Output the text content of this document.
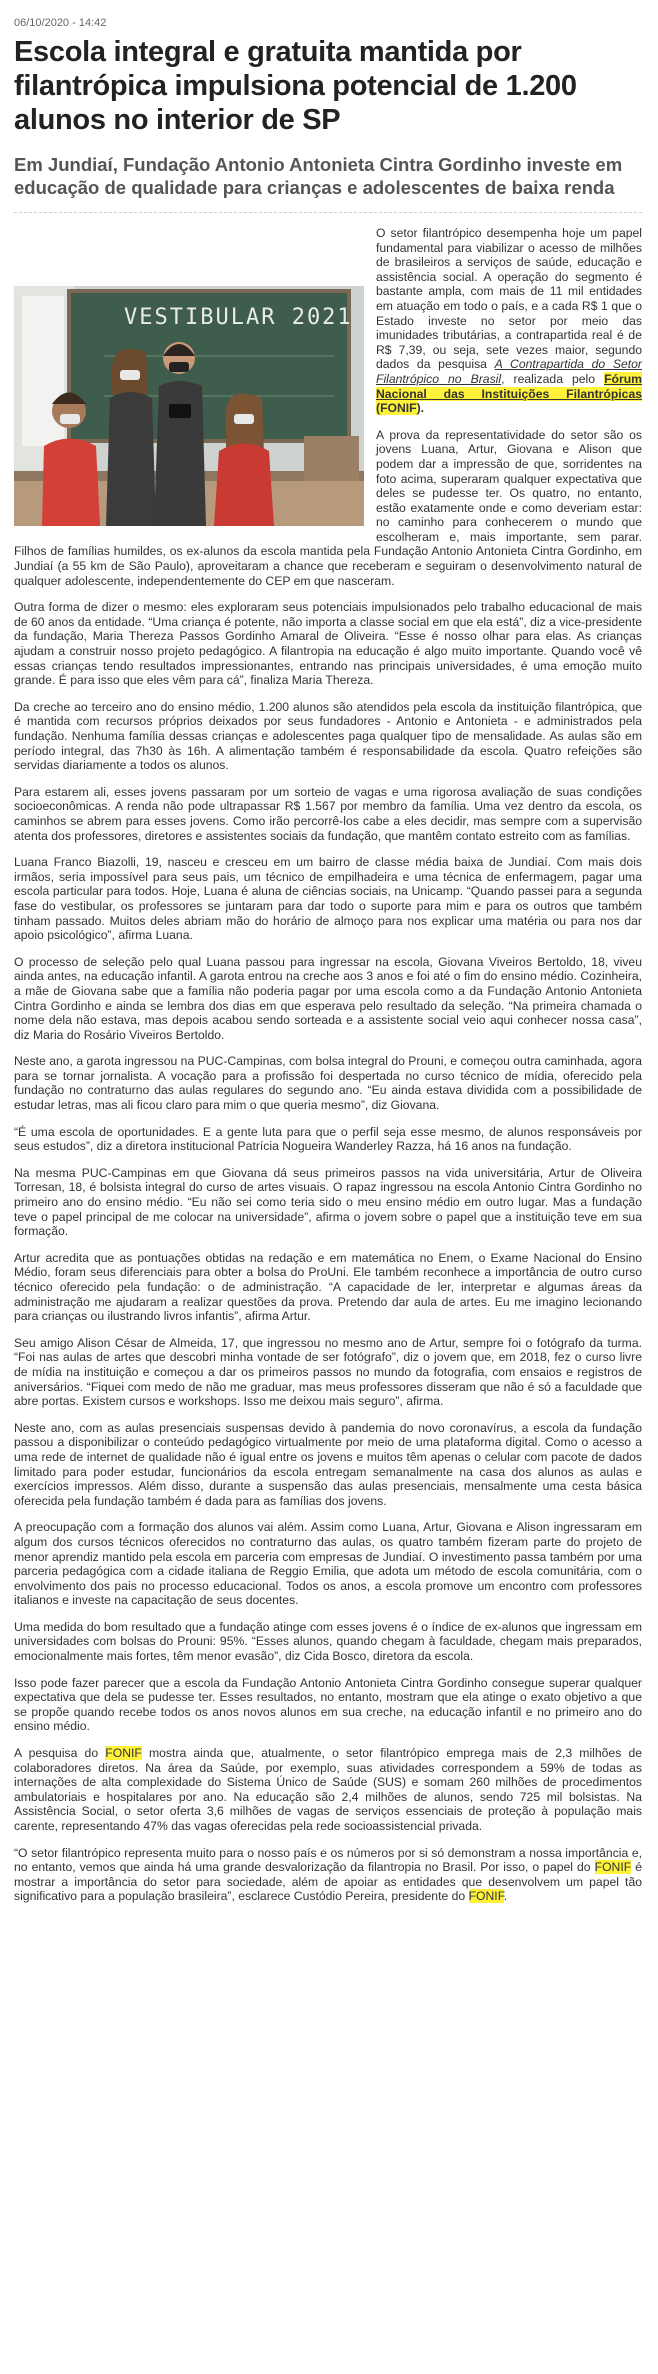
06/10/2020 - 14:42
Escola integral e gratuita mantida por filantrópica impulsiona potencial de 1.200 alunos no interior de SP
Em Jundiaí, Fundação Antonio Antonieta Cintra Gordinho investe em educação de qualidade para crianças e adolescentes de baixa renda
VESTIBULAR 2021

O setor filantrópico desempenha hoje um papel fundamental para viabilizar o acesso de milhões de brasileiros a serviços de saúde, educação e assistência social. A operação do segmento é bastante ampla, com mais de 11 mil entidades em atuação em todo o país, e a cada R$ 1 que o Estado investe no setor por meio das imunidades tributárias, a contrapartida real é de R$ 7,39, ou seja, sete vezes maior, segundo dados da pesquisa A Contrapartida do Setor Filantrópico no Brasil, realizada pelo Fórum Nacional das Instituições Filantrópicas (FONIF).

A prova da representatividade do setor são os jovens Luana, Artur, Giovana e Alison que podem dar a impressão de que, sorridentes na foto acima, superaram qualquer expectativa que deles se pudesse ter. Os quatro, no entanto, estão exatamente onde e como deveriam estar: no caminho para conhecerem o mundo que escolheram e, mais importante, sem parar. Filhos de famílias humildes, os ex-alunos da escola mantida pela Fundação Antonio Antonieta Cintra Gordinho, em Jundiaí (a 55 km de São Paulo), aproveitaram a chance que receberam e seguiram o desenvolvimento natural de qualquer adolescente, independentemente do CEP em que nasceram.

Outra forma de dizer o mesmo: eles exploraram seus potenciais impulsionados pelo trabalho educacional de mais de 60 anos da entidade. “Uma criança é potente, não importa a classe social em que ela está”, diz a vice-presidente da fundação, Maria Thereza Passos Gordinho Amaral de Oliveira. “Esse é nosso olhar para elas. As crianças ajudam a construir nosso projeto pedagógico. A filantropia na educação é algo muito importante. Quando você vê essas crianças tendo resultados impressionantes, entrando nas principais universidades, é uma emoção muito grande. É para isso que eles vêm para cá”, finaliza Maria Thereza.

Da creche ao terceiro ano do ensino médio, 1.200 alunos são atendidos pela escola da instituição filantrópica, que é mantida com recursos próprios deixados por seus fundadores - Antonio e Antonieta - e administrados pela fundação. Nenhuma família dessas crianças e adolescentes paga qualquer tipo de mensalidade. As aulas são em período integral, das 7h30 às 16h. A alimentação também é responsabilidade da escola. Quatro refeições são servidas diariamente a todos os alunos.

Para estarem ali, esses jovens passaram por um sorteio de vagas e uma rigorosa avaliação de suas condições socioeconômicas. A renda não pode ultrapassar R$ 1.567 por membro da família. Uma vez dentro da escola, os caminhos se abrem para esses jovens. Como irão percorrê-los cabe a eles decidir, mas sempre com a supervisão atenta dos professores, diretores e assistentes sociais da fundação, que mantêm contato estreito com as famílias.

Luana Franco Biazolli, 19, nasceu e cresceu em um bairro de classe média baixa de Jundiaí. Com mais dois irmãos, seria impossível para seus pais, um técnico de empilhadeira e uma técnica de enfermagem, pagar uma escola particular para todos. Hoje, Luana é aluna de ciências sociais, na Unicamp. “Quando passei para a segunda fase do vestibular, os professores se juntaram para dar todo o suporte para mim e para os outros que também tinham passado. Muitos deles abriam mão do horário de almoço para nos explicar uma matéria ou para nos dar apoio psicológico”, afirma Luana.

O processo de seleção pelo qual Luana passou para ingressar na escola, Giovana Viveiros Bertoldo, 18, viveu ainda antes, na educação infantil. A garota entrou na creche aos 3 anos e foi até o fim do ensino médio. Cozinheira, a mãe de Giovana sabe que a família não poderia pagar por uma escola como a da Fundação Antonio Antonieta Cintra Gordinho e ainda se lembra dos dias em que esperava pelo resultado da seleção. “Na primeira chamada o nome dela não estava, mas depois acabou sendo sorteada e a assistente social veio aqui conhecer nossa casa”, diz Maria do Rosário Viveiros Bertoldo.

Neste ano, a garota ingressou na PUC-Campinas, com bolsa integral do Prouni, e começou outra caminhada, agora para se tornar jornalista. A vocação para a profissão foi despertada no curso técnico de mídia, oferecido pela fundação no contraturno das aulas regulares do segundo ano. “Eu ainda estava dividida com a possibilidade de estudar letras, mas ali ficou claro para mim o que queria mesmo”, diz Giovana.

“É uma escola de oportunidades. E a gente luta para que o perfil seja esse mesmo, de alunos responsáveis por seus estudos”, diz a diretora institucional Patrícia Nogueira Wanderley Razza, há 16 anos na fundação.

Na mesma PUC-Campinas em que Giovana dá seus primeiros passos na vida universitária, Artur de Oliveira Torresan, 18, é bolsista integral do curso de artes visuais. O rapaz ingressou na escola Antonio Cintra Gordinho no primeiro ano do ensino médio. “Eu não sei como teria sido o meu ensino médio em outro lugar. Mas a fundação teve o papel principal de me colocar na universidade”, afirma o jovem sobre o papel que a instituição teve em sua formação.

Artur acredita que as pontuações obtidas na redação e em matemática no Enem, o Exame Nacional do Ensino Médio, foram seus diferenciais para obter a bolsa do ProUni. Ele também reconhece a importância de outro curso técnico oferecido pela fundação: o de administração. “A capacidade de ler, interpretar e algumas áreas da administração me ajudaram a realizar questões da prova. Pretendo dar aula de artes. Eu me imagino lecionando para crianças ou ilustrando livros infantis”, afirma Artur.

Seu amigo Alison César de Almeida, 17, que ingressou no mesmo ano de Artur, sempre foi o fotógrafo da turma. “Foi nas aulas de artes que descobri minha vontade de ser fotógrafo”, diz o jovem que, em 2018, fez o curso livre de mídia na instituição e começou a dar os primeiros passos no mundo da fotografia, com ensaios e registros de aniversários. “Fiquei com medo de não me graduar, mas meus professores disseram que não é só a faculdade que abre portas. Existem cursos e workshops. Isso me deixou mais seguro”, afirma.

Neste ano, com as aulas presenciais suspensas devido à pandemia do novo coronavírus, a escola da fundação passou a disponibilizar o conteúdo pedagógico virtualmente por meio de uma plataforma digital. Como o acesso a uma rede de internet de qualidade não é igual entre os jovens e muitos têm apenas o celular com pacote de dados limitado para poder estudar, funcionários da escola entregam semanalmente na casa dos alunos as aulas e exercícios impressos. Além disso, durante a suspensão das aulas presenciais, mensalmente uma cesta básica oferecida pela fundação também é dada para as famílias dos jovens.

A preocupação com a formação dos alunos vai além. Assim como Luana, Artur, Giovana e Alison ingressaram em algum dos cursos técnicos oferecidos no contraturno das aulas, os quatro também fizeram parte do projeto de menor aprendiz mantido pela escola em parceria com empresas de Jundiaí. O investimento passa também por uma parceria pedagógica com a cidade italiana de Reggio Emilia, que adota um método de escola comunitária, com o envolvimento dos pais no processo educacional. Todos os anos, a escola promove um encontro com professores italianos e investe na capacitação de seus docentes.

Uma medida do bom resultado que a fundação atinge com esses jovens é o índice de ex-alunos que ingressam em universidades com bolsas do Prouni: 95%. “Esses alunos, quando chegam à faculdade, chegam mais preparados, emocionalmente mais fortes, têm menor evasão”, diz Cida Bosco, diretora da escola.

Isso pode fazer parecer que a escola da Fundação Antonio Antonieta Cintra Gordinho consegue superar qualquer expectativa que dela se pudesse ter. Esses resultados, no entanto, mostram que ela atinge o exato objetivo a que se propõe quando recebe todos os anos novos alunos em sua creche, na educação infantil e no primeiro ano do ensino médio.

A pesquisa do FONIF mostra ainda que, atualmente, o setor filantrópico emprega mais de 2,3 milhões de colaboradores diretos. Na área da Saúde, por exemplo, suas atividades correspondem a 59% de todas as internações de alta complexidade do Sistema Único de Saúde (SUS) e somam 260 milhões de procedimentos ambulatoriais e hospitalares por ano. Na educação são 2,4 milhões de alunos, sendo 725 mil bolsistas. Na Assistência Social, o setor oferta 3,6 milhões de vagas de serviços essenciais de proteção à população mais carente, representando 47% das vagas oferecidas pela rede socioassistencial privada.

“O setor filantrópico representa muito para o nosso país e os números por si só demonstram a nossa importância e, no entanto, vemos que ainda há uma grande desvalorização da filantropia no Brasil. Por isso, o papel do FONIF é mostrar a importância do setor para sociedade, além de apoiar as entidades que desenvolvem um papel tão significativo para a população brasileira”, esclarece Custódio Pereira, presidente do FONIF.
